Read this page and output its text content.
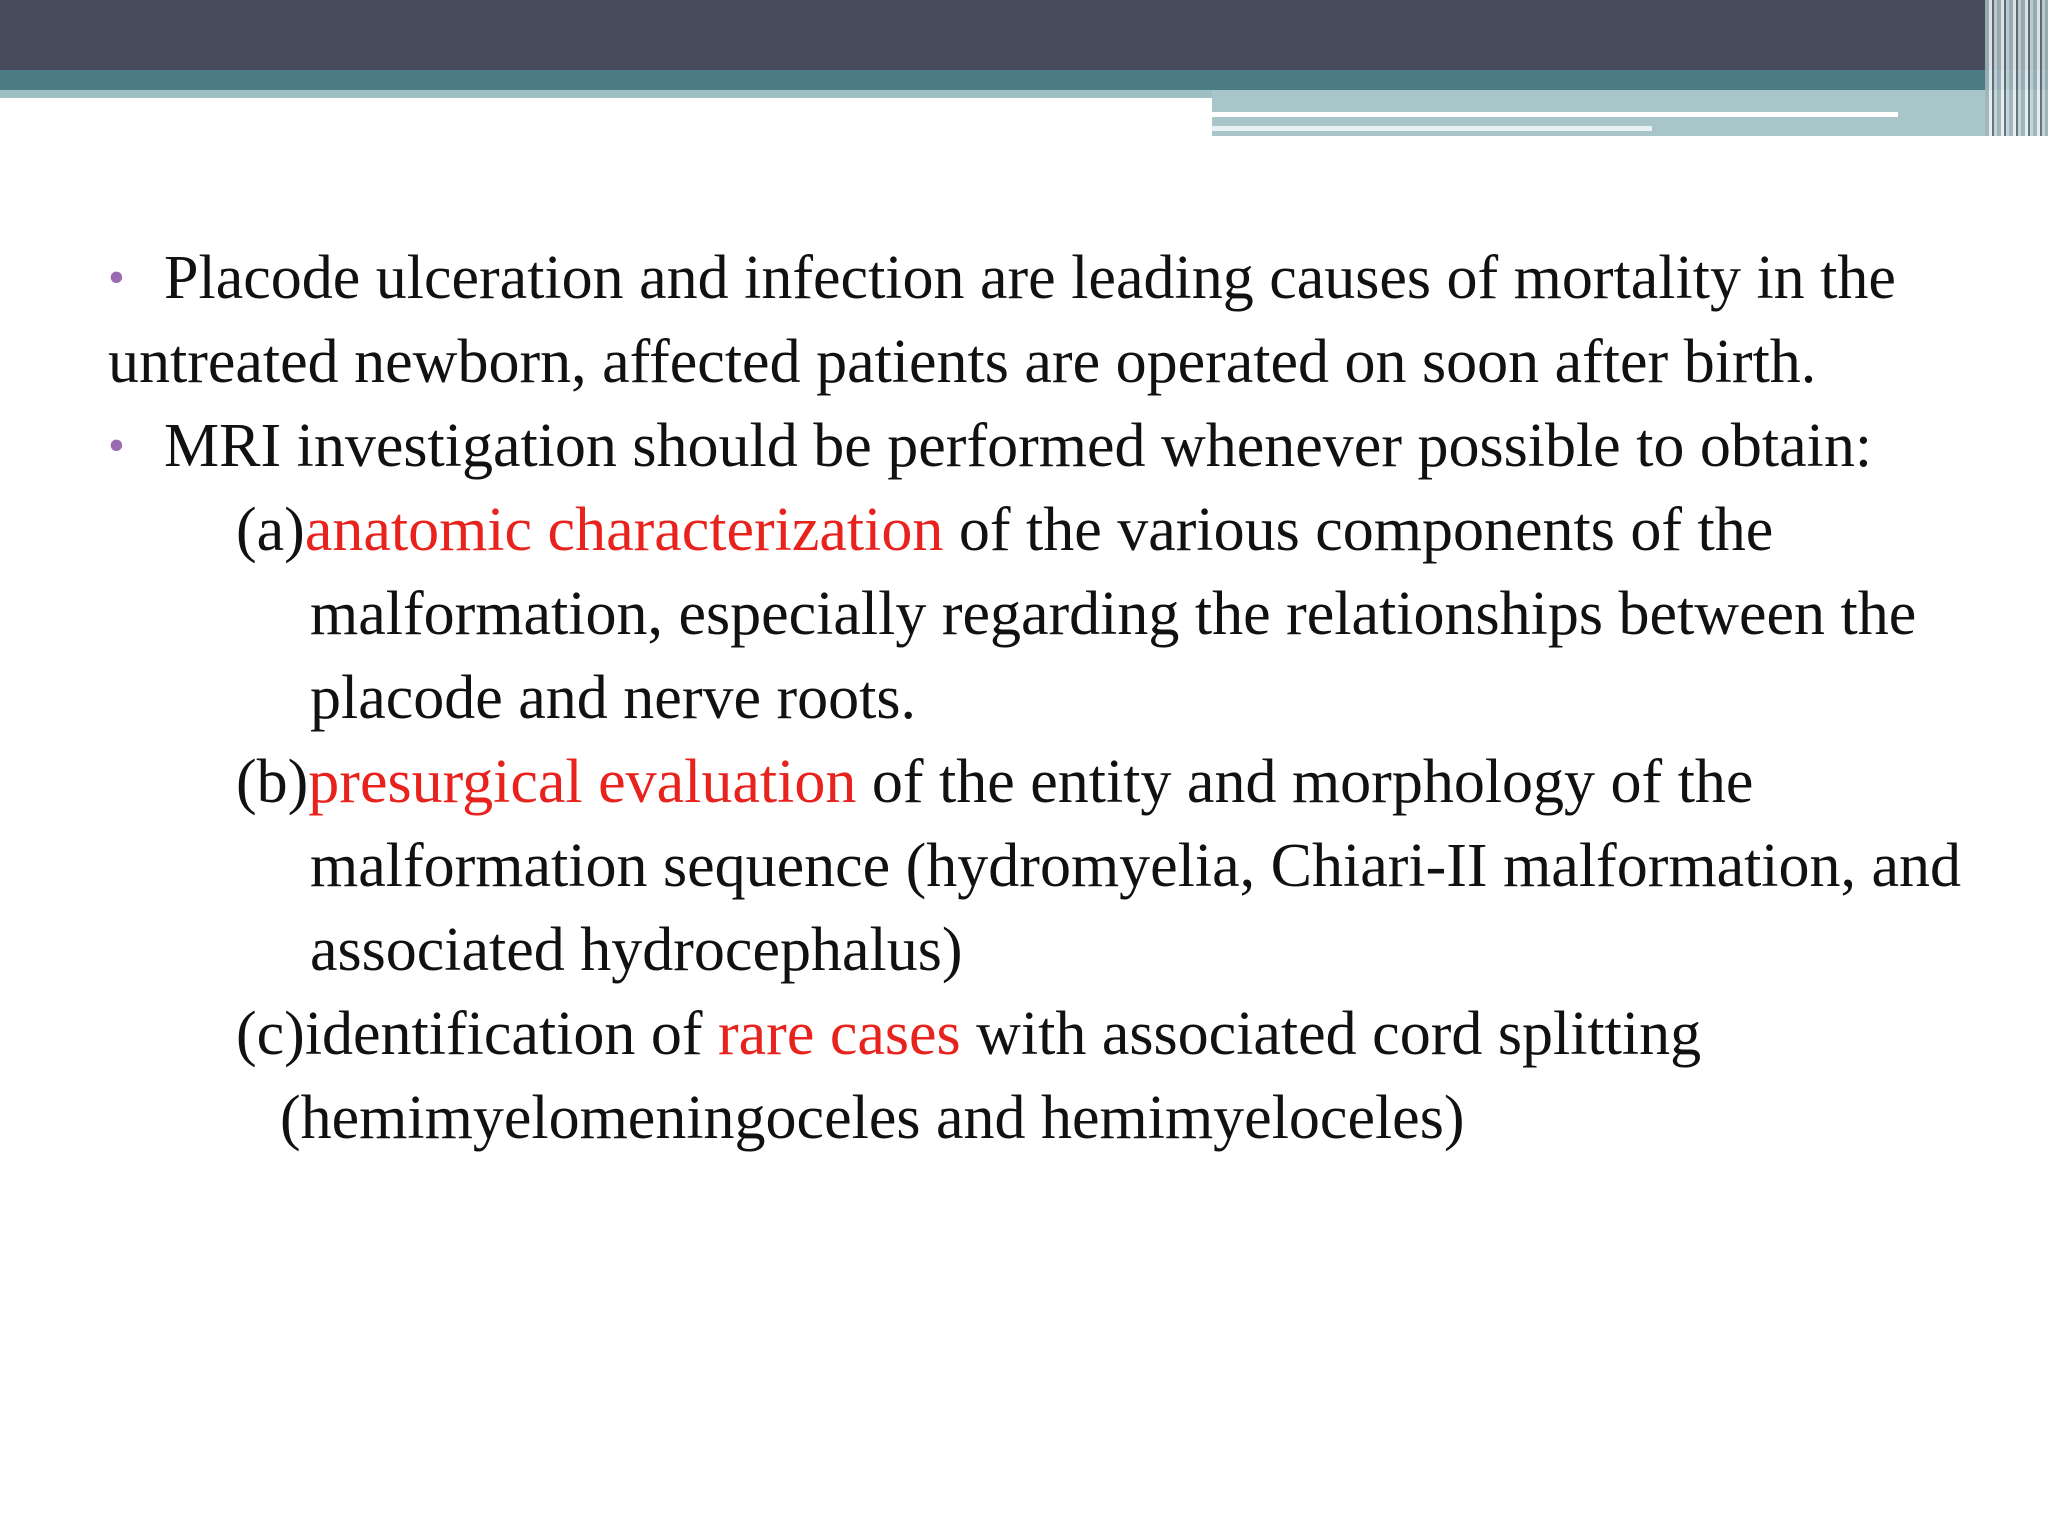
• Placode ulceration and infection are leading causes of mortality in the untreated newborn, affected patients are operated on soon after birth.

• MRI investigation should be performed whenever possible to obtain:

(a)anatomic characterization of the various components of the malformation, especially regarding the relationships between the placode and nerve roots.

(b)presurgical evaluation of the entity and morphology of the malformation sequence (hydromyelia, Chiari-II malformation, and associated hydrocephalus)

(c)identification of rare cases with associated cord splitting

(hemimyelomeningoceles and hemimyeloceles)
